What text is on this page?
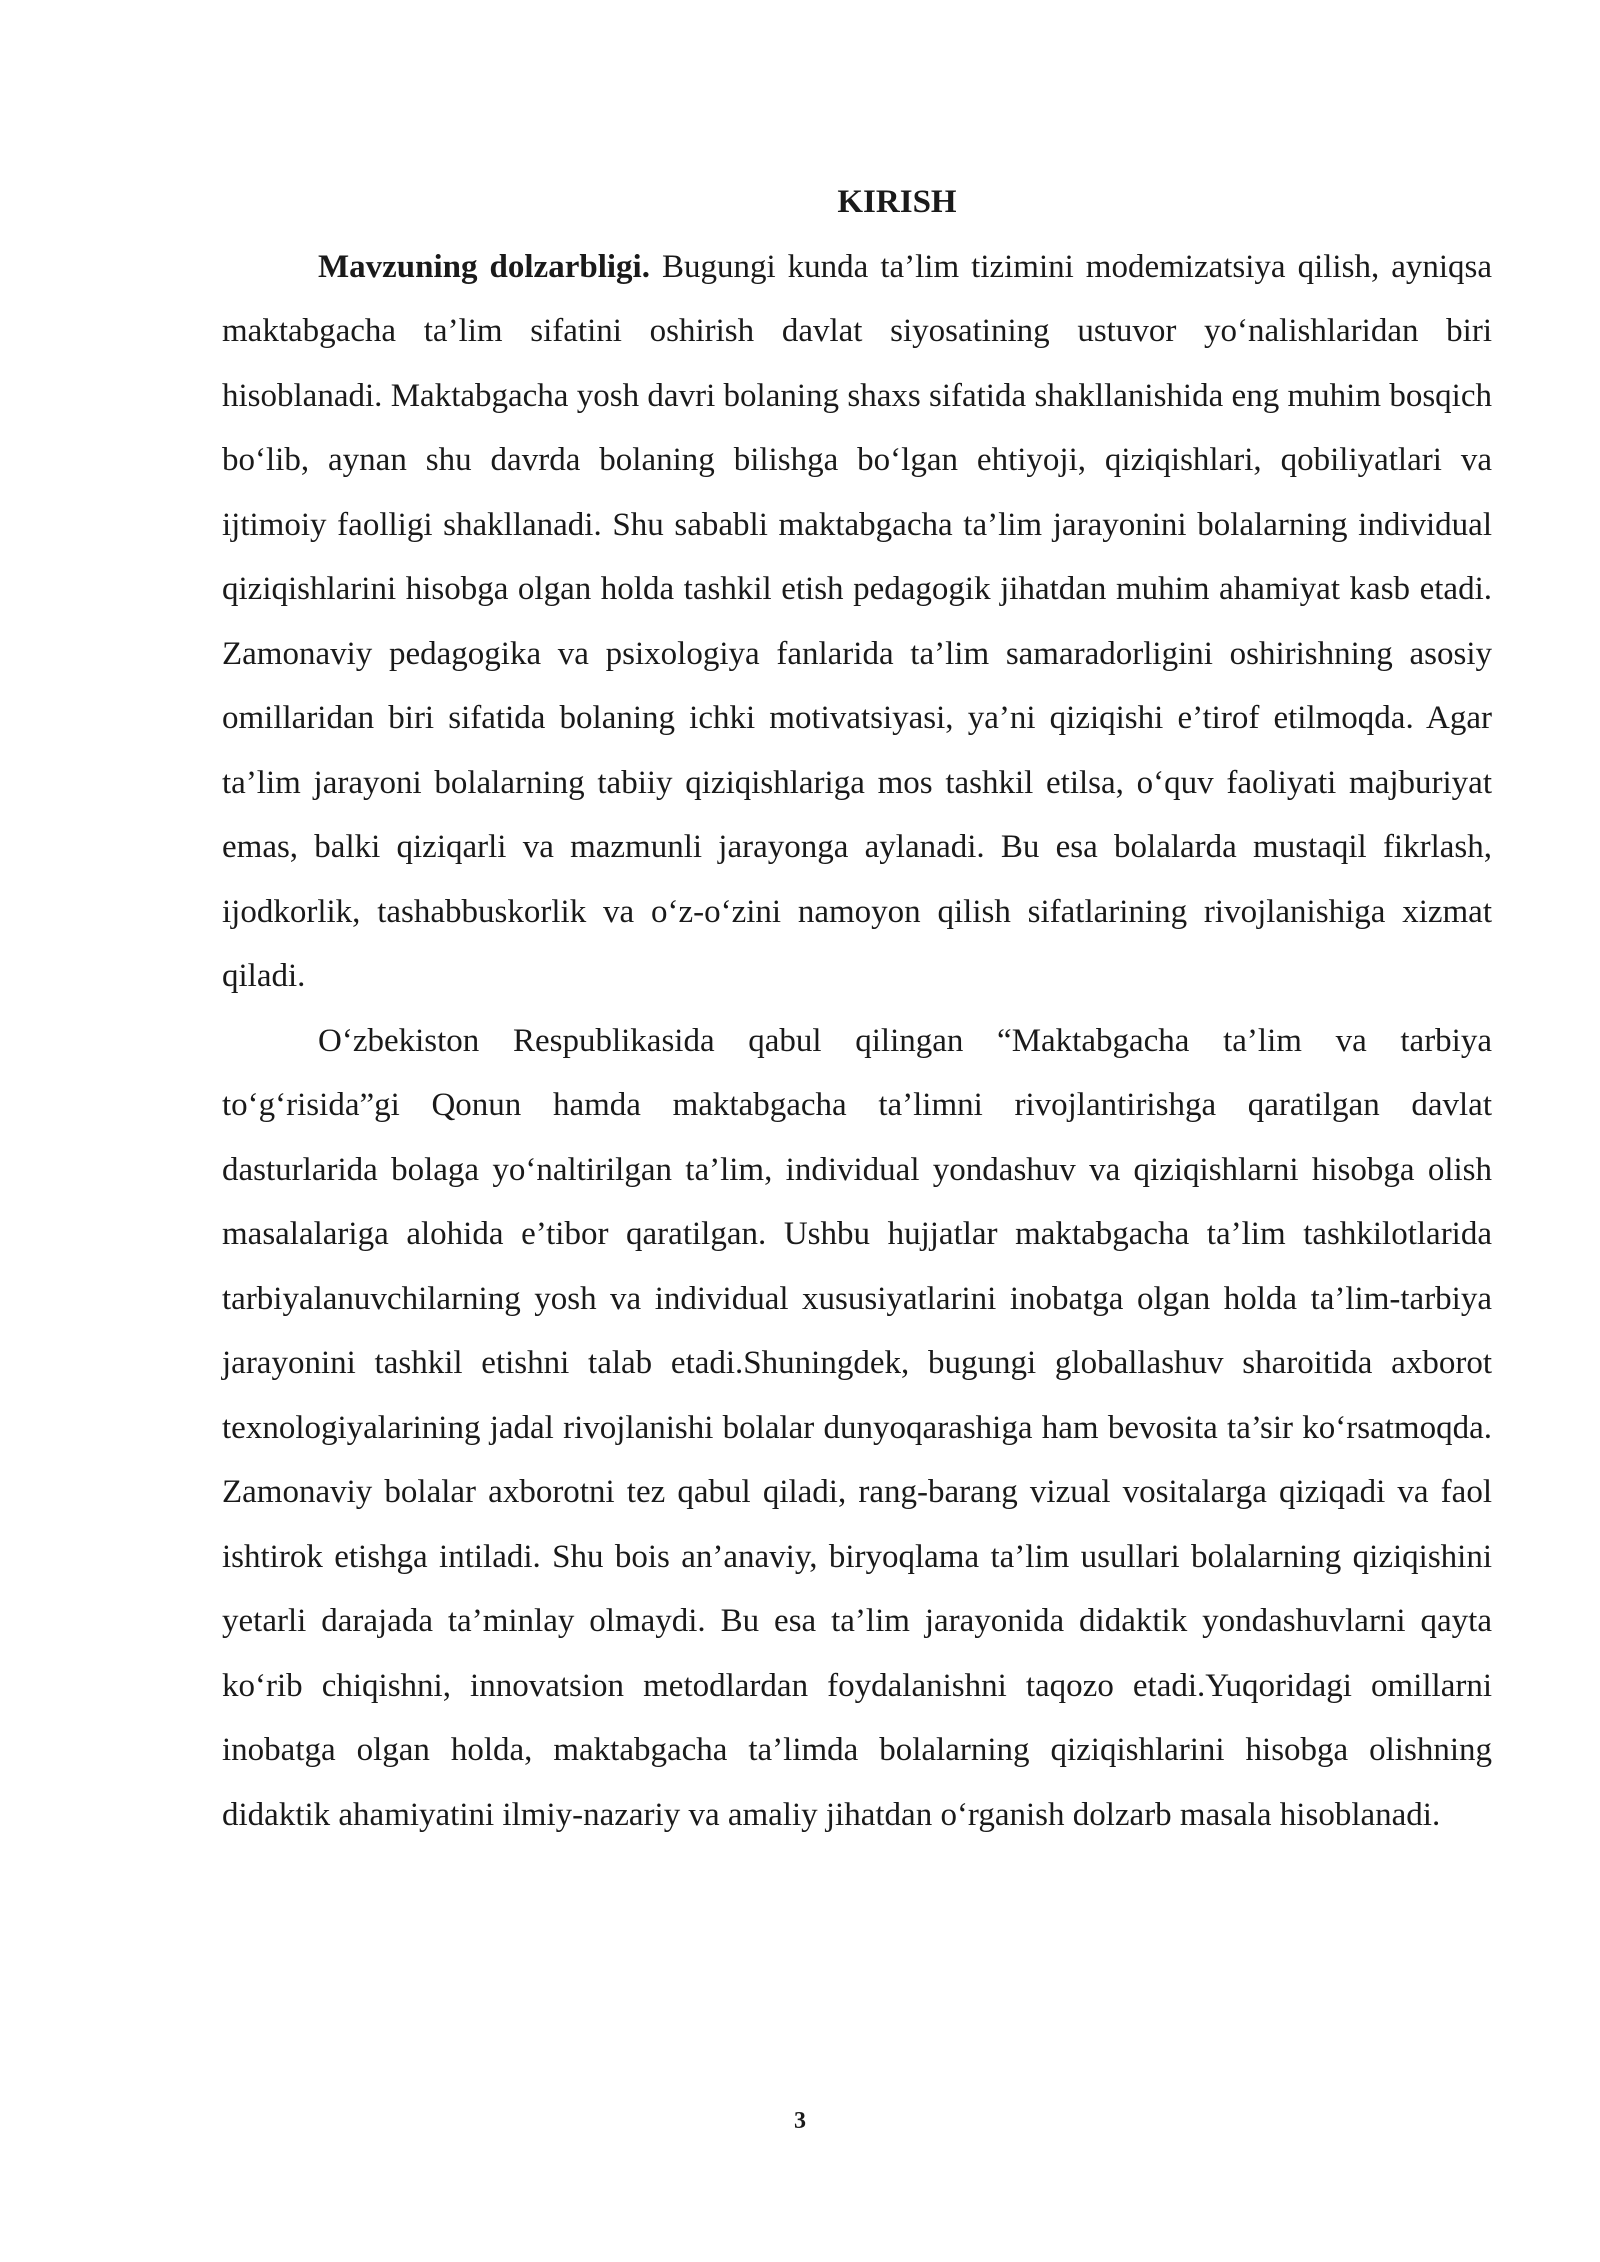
KIRISH

Mavzuning dolzarbligi. Bugungi kunda ta’lim tizimini modemizatsiya qilish, ayniqsa maktabgacha ta’lim sifatini oshirish davlat siyosatining ustuvor yo‘nalishlaridan biri hisoblanadi. Maktabgacha yosh davri bolaning shaxs sifatida shakllanishida eng muhim bosqich bo‘lib, aynan shu davrda bolaning bilishga bo‘lgan ehtiyoji, qiziqishlari, qobiliyatlari va ijtimoiy faolligi shakllanadi. Shu sababli maktabgacha ta’lim jarayonini bolalarning individual qiziqishlarini hisobga olgan holda tashkil etish pedagogik jihatdan muhim ahamiyat kasb etadi. Zamonaviy pedagogika va psixologiya fanlarida ta’lim samaradorligini oshirishning asosiy omillaridan biri sifatida bolaning ichki motivatsiyasi, ya’ni qiziqishi e’tirof etilmoqda. Agar ta’lim jarayoni bolalarning tabiiy qiziqishlariga mos tashkil etilsa, o‘quv faoliyati majburiyat emas, balki qiziqarli va mazmunli jarayonga aylanadi. Bu esa bolalarda mustaqil fikrlash, ijodkorlik, tashabbuskorlik va o‘z-o‘zini namoyon qilish sifatlarining rivojlanishiga xizmat qiladi.

O‘zbekiston Respublikasida qabul qilingan “Maktabgacha ta’lim va tarbiya to‘g‘risida”gi Qonun hamda maktabgacha ta’limni rivojlantirishga qaratilgan davlat dasturlarida bolaga yo‘naltirilgan ta’lim, individual yondashuv va qiziqishlarni hisobga olish masalalariga alohida e’tibor qaratilgan. Ushbu hujjatlar maktabgacha ta’lim tashkilotlarida tarbiyalanuvchilarning yosh va individual xususiyatlarini inobatga olgan holda ta’lim-tarbiya jarayonini tashkil etishni talab etadi.Shuningdek, bugungi globallashuv sharoitida axborot texnologiyalarining jadal rivojlanishi bolalar dunyoqarashiga ham bevosita ta’sir ko‘rsatmoqda. Zamonaviy bolalar axborotni tez qabul qiladi, rang-barang vizual vositalarga qiziqadi va faol ishtirok etishga intiladi. Shu bois an’anaviy, biryoqlama ta’lim usullari bolalarning qiziqishini yetarli darajada ta’minlay olmaydi. Bu esa ta’lim jarayonida didaktik yondashuvlarni qayta ko‘rib chiqishni, innovatsion metodlardan foydalanishni taqozo etadi.Yuqoridagi omillarni inobatga olgan holda, maktabgacha ta’limda bolalarning qiziqishlarini hisobga olishning didaktik ahamiyatini ilmiy-nazariy va amaliy jihatdan o‘rganish dolzarb masala hisoblanadi.

3
